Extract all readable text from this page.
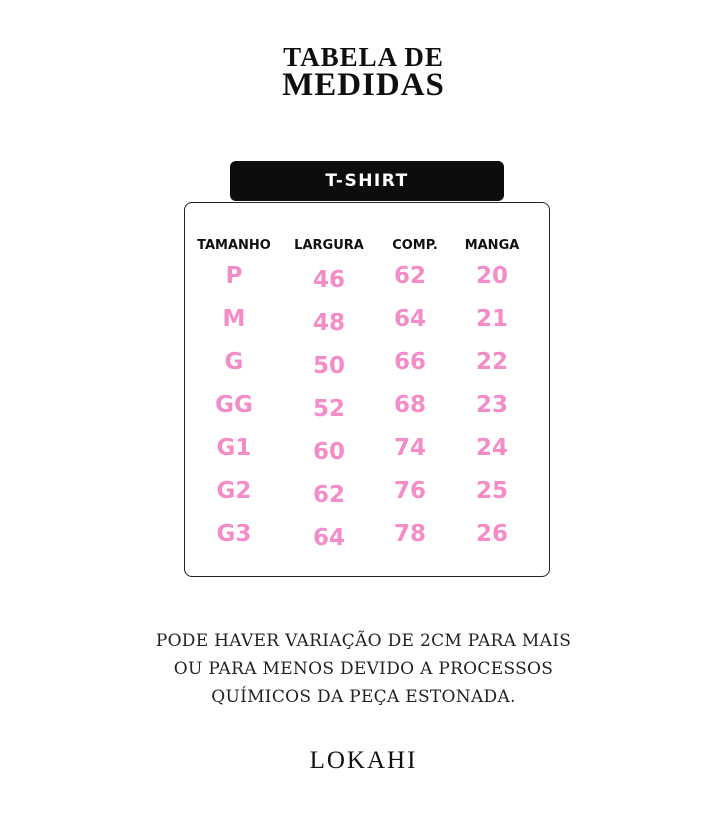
TABELA DE
MEDIDAS
T-SHIRT
TAMANHO	LARGURA	COMP.	MANGA
P	46	62	20
M	48	64	21
G	50	66	22
GG	52	68	23
G1	60	74	24
G2	62	76	25
G3	64	78	26
PODE HAVER VARIAÇÃO DE 2CM PARA MAIS
OU PARA MENOS DEVIDO A PROCESSOS
QUÍMICOS DA PEÇA ESTONADA.
LOKAHI
